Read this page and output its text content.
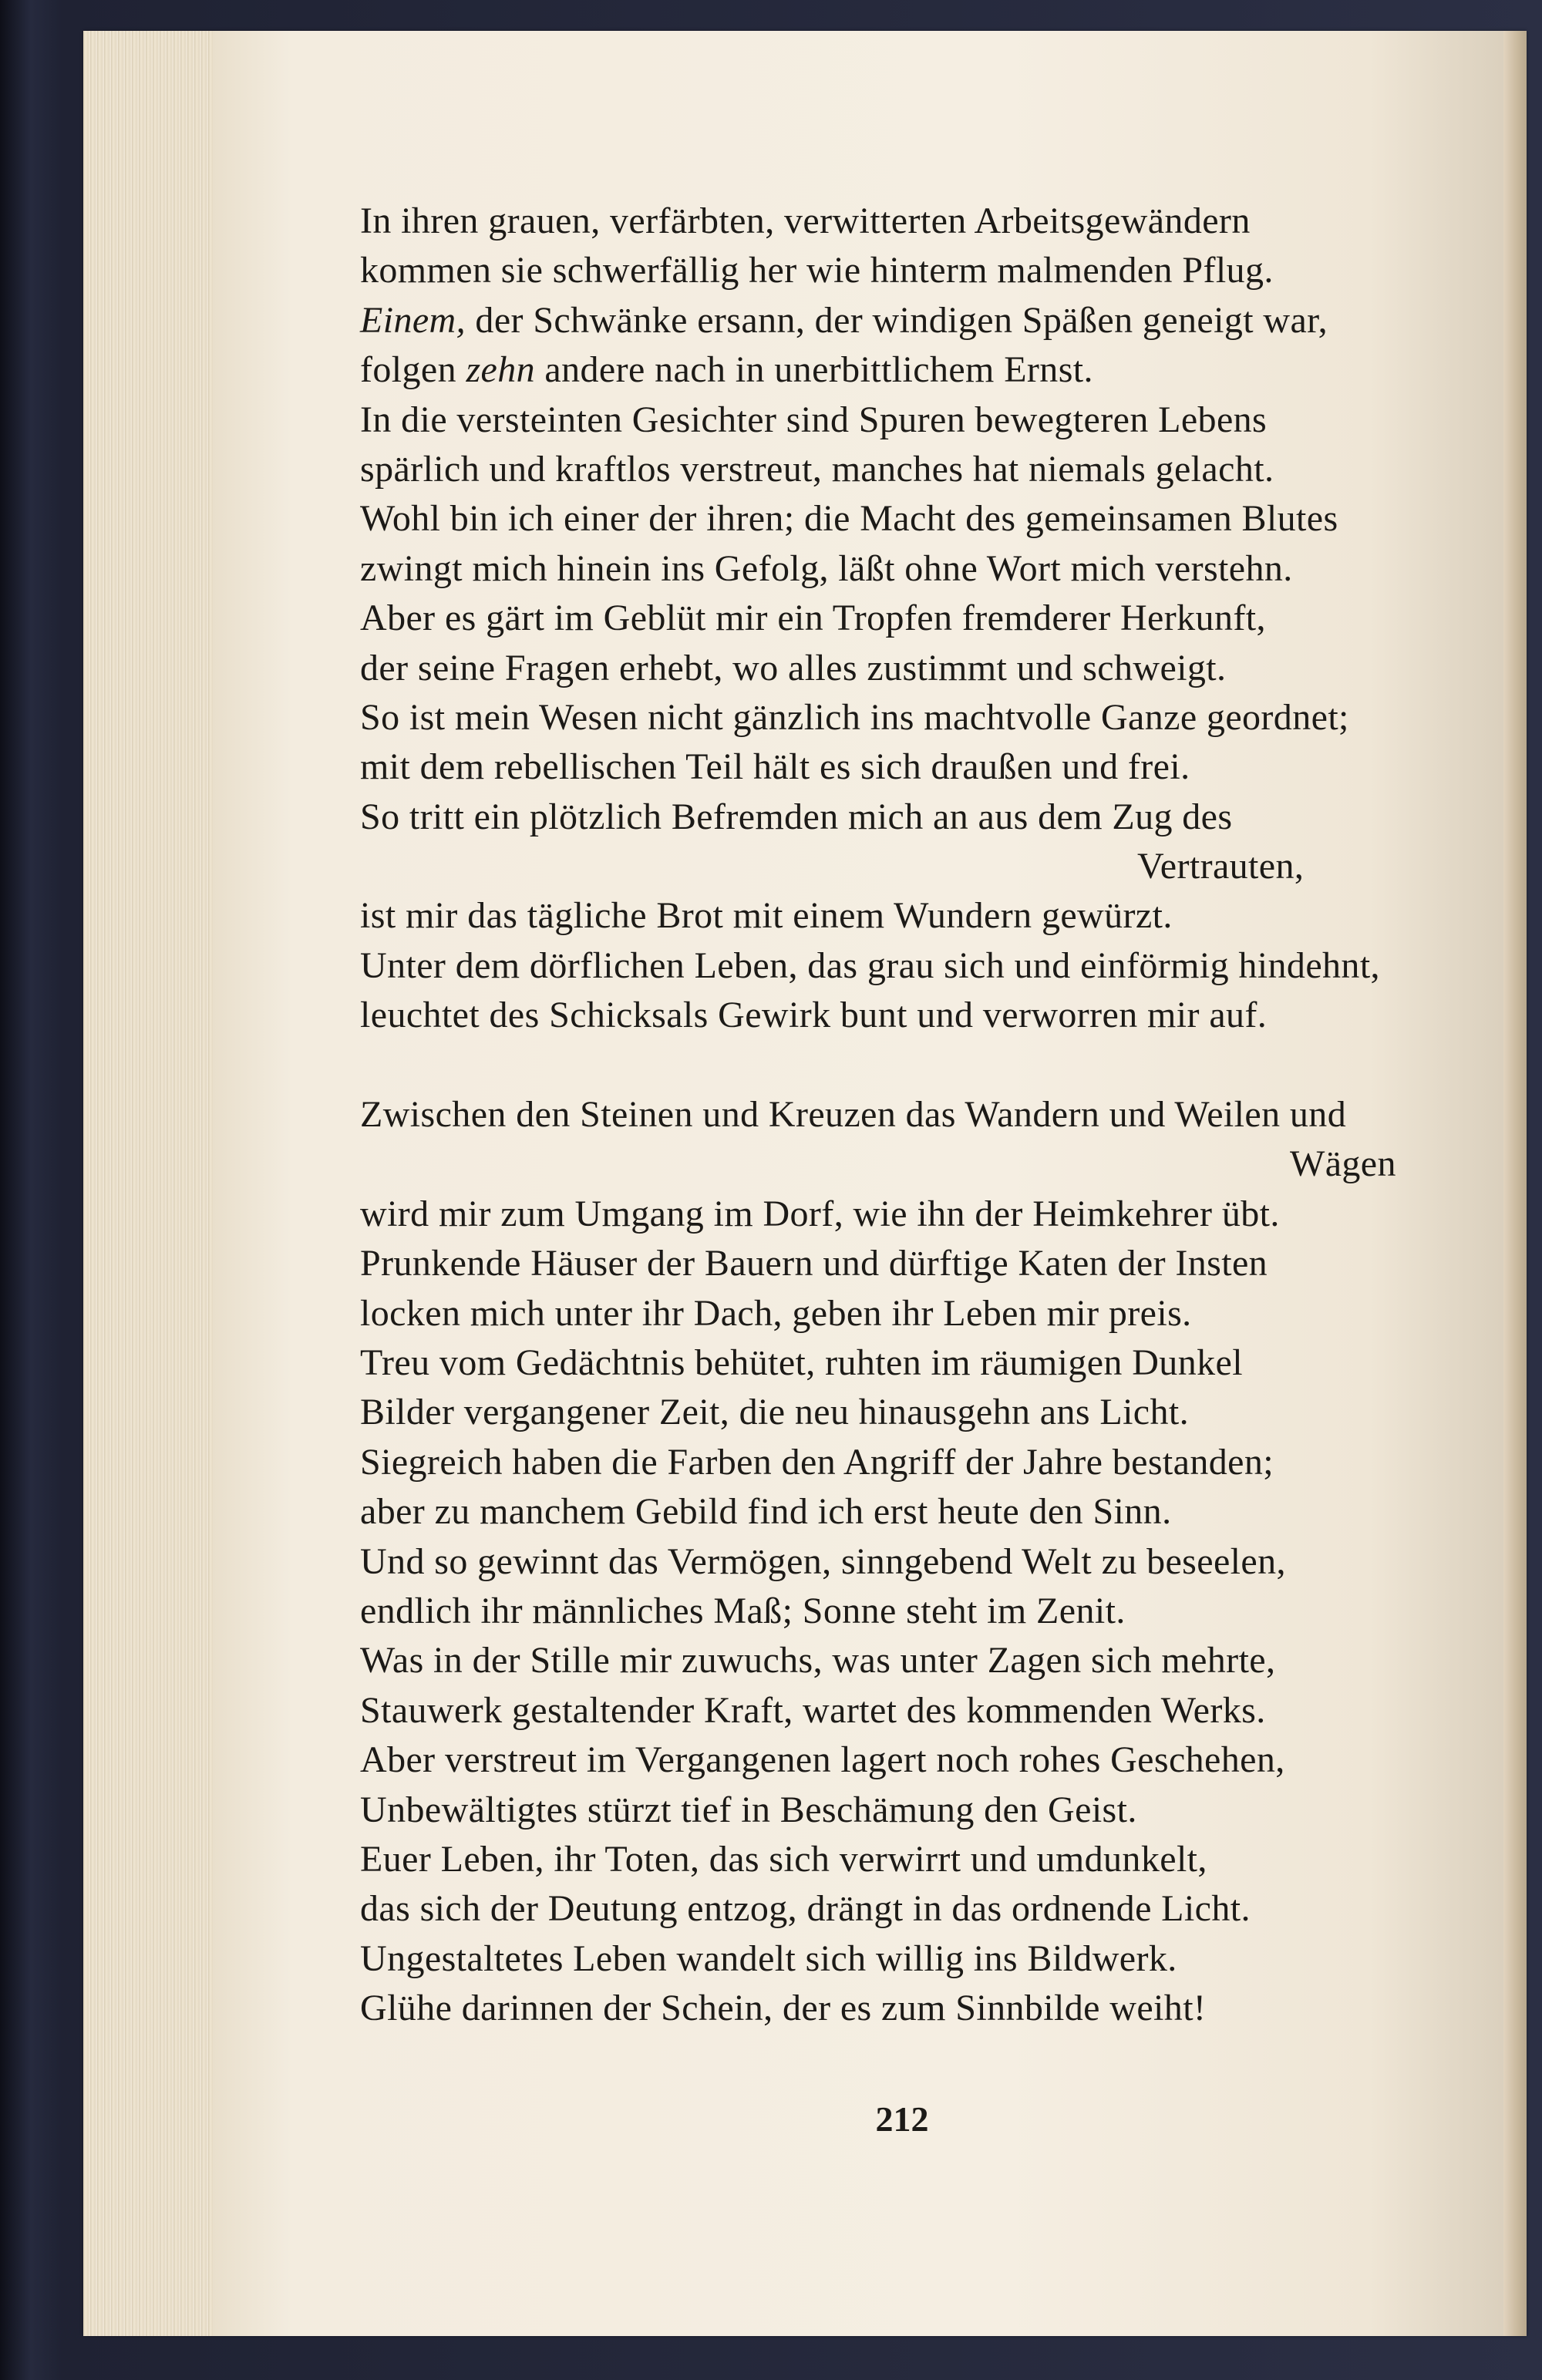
In ihren grauen, verfärbten, verwitterten Arbeitsgewändern
kommen sie schwerfällig her wie hinterm malmenden Pflug.
Einem, der Schwänke ersann, der windigen Späßen geneigt war,
folgen zehn andere nach in unerbittlichem Ernst.
In die versteinten Gesichter sind Spuren bewegteren Lebens
spärlich und kraftlos verstreut, manches hat niemals gelacht.
Wohl bin ich einer der ihren; die Macht des gemeinsamen Blutes
zwingt mich hinein ins Gefolg, läßt ohne Wort mich verstehn.
Aber es gärt im Geblüt mir ein Tropfen fremderer Herkunft,
der seine Fragen erhebt, wo alles zustimmt und schweigt.
So ist mein Wesen nicht gänzlich ins machtvolle Ganze geordnet;
mit dem rebellischen Teil hält es sich draußen und frei.
So tritt ein plötzlich Befremden mich an aus dem Zug des
Vertrauten,
ist mir das tägliche Brot mit einem Wundern gewürzt.
Unter dem dörflichen Leben, das grau sich und einförmig hindehnt,
leuchtet des Schicksals Gewirk bunt und verworren mir auf.
Zwischen den Steinen und Kreuzen das Wandern und Weilen und
Wägen
wird mir zum Umgang im Dorf, wie ihn der Heimkehrer übt.
Prunkende Häuser der Bauern und dürftige Katen der Insten
locken mich unter ihr Dach, geben ihr Leben mir preis.
Treu vom Gedächtnis behütet, ruhten im räumigen Dunkel
Bilder vergangener Zeit, die neu hinausgehn ans Licht.
Siegreich haben die Farben den Angriff der Jahre bestanden;
aber zu manchem Gebild find ich erst heute den Sinn.
Und so gewinnt das Vermögen, sinngebend Welt zu beseelen,
endlich ihr männliches Maß; Sonne steht im Zenit.
Was in der Stille mir zuwuchs, was unter Zagen sich mehrte,
Stauwerk gestaltender Kraft, wartet des kommenden Werks.
Aber verstreut im Vergangenen lagert noch rohes Geschehen,
Unbewältigtes stürzt tief in Beschämung den Geist.
Euer Leben, ihr Toten, das sich verwirrt und umdunkelt,
das sich der Deutung entzog, drängt in das ordnende Licht.
Ungestaltetes Leben wandelt sich willig ins Bildwerk.
Glühe darinnen der Schein, der es zum Sinnbilde weiht!
212
